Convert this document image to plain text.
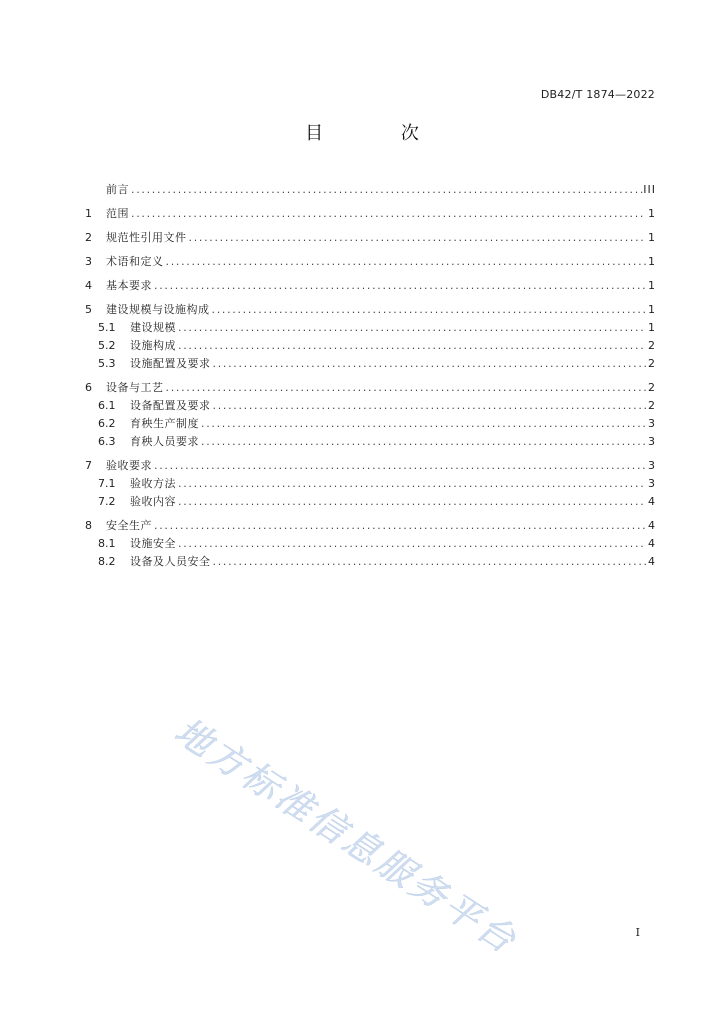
DB42/T 1874—2022
目 次
前言 . . .	III
1	范围 . . .	1
2	规范性引用文件 . . .	1
3	术语和定义 . . .	1
4	基本要求 . . .	1
5	建设规模与设施构成 . . .	1
5.1	建设规模 . . .	1
5.2	设施构成 . . .	2
5.3	设施配置及要求 . . .	2
6	设备与工艺 . . .	2
6.1	设备配置及要求 . . .	2
6.2	育秧生产制度 . . .	3
6.3	育秧人员要求 . . .	3
7	验收要求 . . .	3
7.1	验收方法 . . .	3
7.2	验收内容 . . .	4
8	安全生产 . . .	4
8.1	设施安全 . . .	4
8.2	设备及人员安全 . . .	4
地方标准信息服务平台	I
